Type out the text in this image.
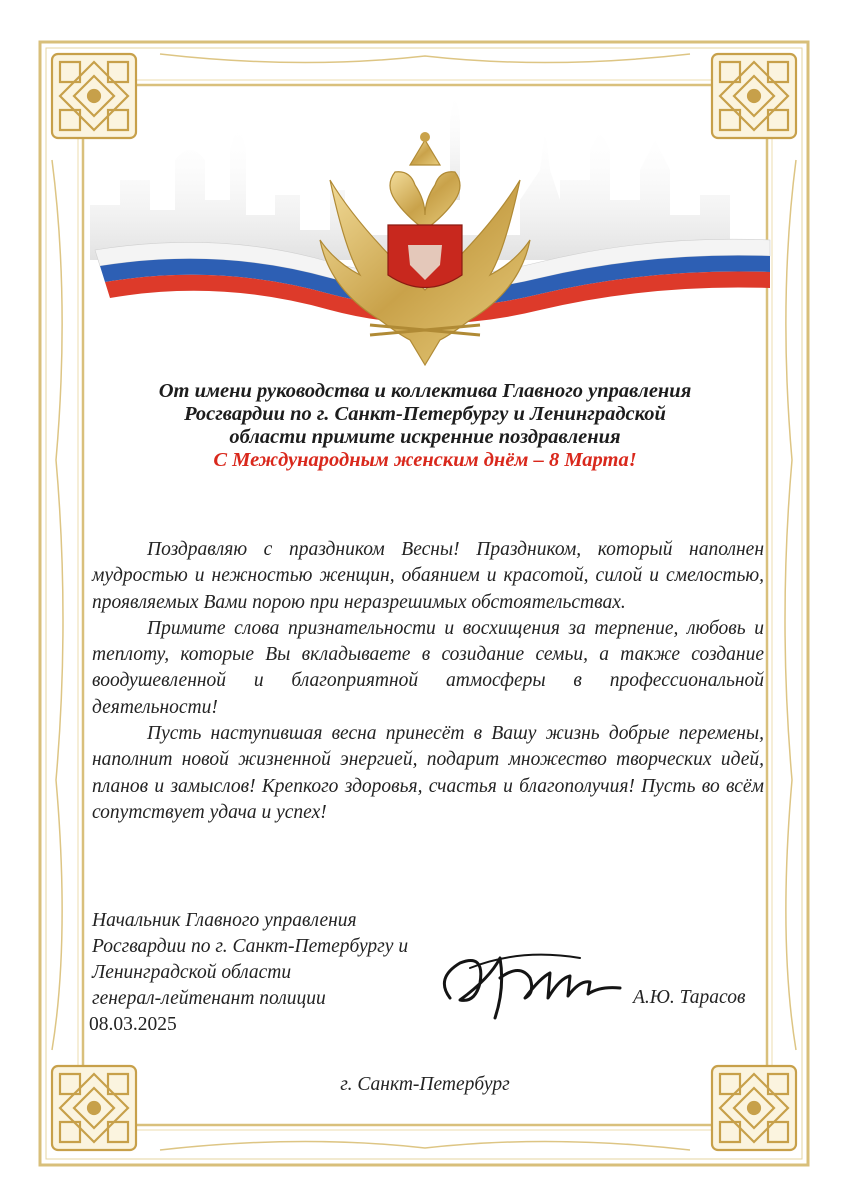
От имени руководства и коллектива Главного управления
Росгвардии по г. Санкт-Петербургу и Ленинградской
области примите искренние поздравления
С Международным женским днём – 8 Марта!

Поздравляю с праздником Весны! Праздником, который наполнен мудростью и нежностью женщин, обаянием и красотой, силой и смелостью, проявляемых Вами порою при неразрешимых обстоятельствах.

Примите слова признательности и восхищения за терпение, любовь и теплоту, которые Вы вкладываете в созидание семьи, а также создание воодушевленной и благоприятной атмосферы в профессиональной деятельности!

Пусть наступившая весна принесёт в Вашу жизнь добрые перемены, наполнит новой жизненной энергией, подарит множество творческих идей, планов и замыслов! Крепкого здоровья, счастья и благополучия! Пусть во всём сопутствует удача и успех!

Начальник Главного управления
Росгвардии по г. Санкт-Петербургу и
Ленинградской области
генерал-лейтенант полиции
08.03.2025
А.Ю. Тарасов
г. Санкт-Петербург
